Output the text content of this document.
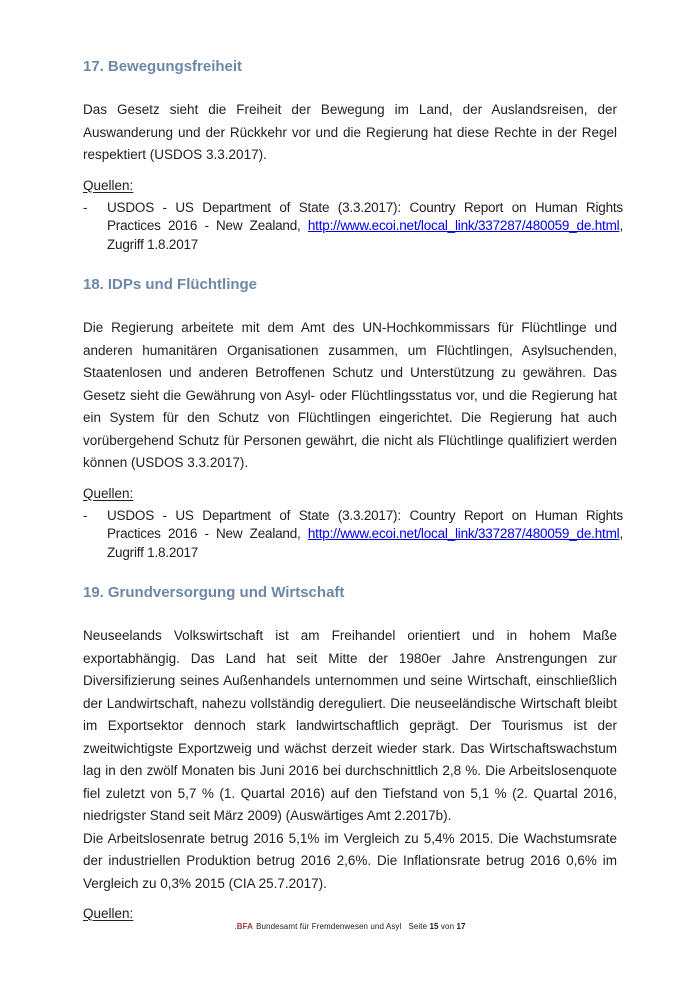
17. Bewegungsfreiheit

Das Gesetz sieht die Freiheit der Bewegung im Land, der Auslandsreisen, der Auswanderung und der Rückkehr vor und die Regierung hat diese Rechte in der Regel respektiert (USDOS 3.3.2017).

Quellen:
-	USDOS - US Department of State (3.3.2017): Country Report on Human Rights Practices 2016 - New Zealand, http://www.ecoi.net/local_link/337287/480059_de.html, Zugriff 1.8.2017
18. IDPs und Flüchtlinge

Die Regierung arbeitete mit dem Amt des UN-Hochkommissars für Flüchtlinge und anderen humanitären Organisationen zusammen, um Flüchtlingen, Asylsuchenden, Staatenlosen und anderen Betroffenen Schutz und Unterstützung zu gewähren. Das Gesetz sieht die Gewährung von Asyl- oder Flüchtlingsstatus vor, und die Regierung hat ein System für den Schutz von Flüchtlingen eingerichtet. Die Regierung hat auch vorübergehend Schutz für Personen gewährt, die nicht als Flüchtlinge qualifiziert werden können (USDOS 3.3.2017).

Quellen:
-	USDOS - US Department of State (3.3.2017): Country Report on Human Rights Practices 2016 - New Zealand, http://www.ecoi.net/local_link/337287/480059_de.html, Zugriff 1.8.2017
19. Grundversorgung und Wirtschaft

Neuseelands Volkswirtschaft ist am Freihandel orientiert und in hohem Maße exportabhängig. Das Land hat seit Mitte der 1980er Jahre Anstrengungen zur Diversifizierung seines Außenhandels unternommen und seine Wirtschaft, einschließlich der Landwirtschaft, nahezu vollständig dereguliert. Die neuseeländische Wirtschaft bleibt im Exportsektor dennoch stark landwirtschaftlich geprägt. Der Tourismus ist der zweitwichtigste Exportzweig und wächst derzeit wieder stark. Das Wirtschaftswachstum lag in den zwölf Monaten bis Juni 2016 bei durchschnittlich 2,8 %. Die Arbeitslosenquote fiel zuletzt von 5,7 % (1. Quartal 2016) auf den Tiefstand von 5,1 % (2. Quartal 2016, niedrigster Stand seit März 2009) (Auswärtiges Amt 2.2017b).

Die Arbeitslosenrate betrug 2016 5,1% im Vergleich zu 5,4% 2015. Die Wachstumsrate der industriellen Produktion betrug 2016 2,6%. Die Inflationsrate betrug 2016 0,6% im Vergleich zu 0,3% 2015 (CIA 25.7.2017).

Quellen:
.BFA Bundesamt für Fremdenwesen und Asyl Seite 15 von 17
